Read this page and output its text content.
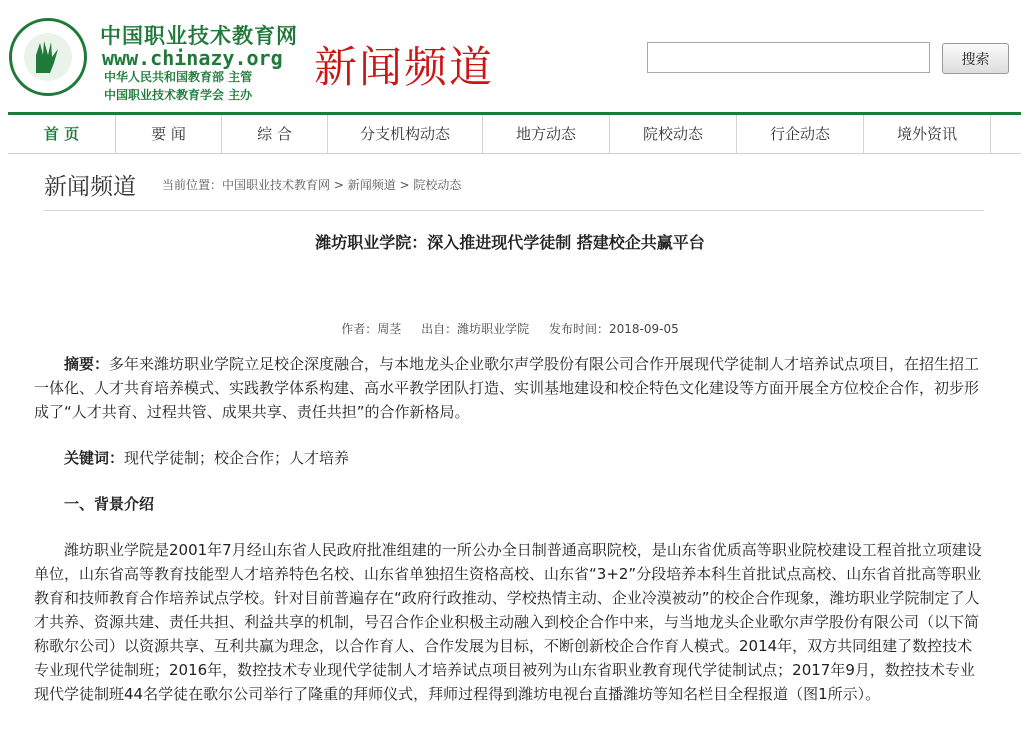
中国职业技术教育网
www.chinazy.org
中华人民共和国教育部 主管
中国职业技术教育学会 主办
新闻频道	搜索
首 页	要 闻	综 合	分支机构动态	地方动态	院校动态	行企动态	境外资讯
新闻频道 当前位置：中国职业技术教育网 > 新闻频道 > 院校动态
潍坊职业学院：深入推进现代学徒制 搭建校企共赢平台
作者：周茎 出自：潍坊职业学院 发布时间：2018-09-05

摘要：多年来潍坊职业学院立足校企深度融合，与本地龙头企业歌尔声学股份有限公司合作开展现代学徒制人才培养试点项目，在招生招工一体化、人才共育培养模式、实践教学体系构建、高水平教学团队打造、实训基地建设和校企特色文化建设等方面开展全方位校企合作，初步形成了“人才共育、过程共管、成果共享、责任共担”的合作新格局。

关键词：现代学徒制；校企合作；人才培养

一、背景介绍

潍坊职业学院是2001年7月经山东省人民政府批准组建的一所公办全日制普通高职院校，是山东省优质高等职业院校建设工程首批立项建设单位，山东省高等教育技能型人才培养特色名校、山东省单独招生资格高校、山东省“3+2”分段培养本科生首批试点高校、山东省首批高等职业教育和技师教育合作培养试点学校。针对目前普遍存在“政府行政推动、学校热情主动、企业冷漠被动”的校企合作现象，潍坊职业学院制定了人才共养、资源共建、责任共担、利益共享的机制，号召合作企业积极主动融入到校企合作中来，与当地龙头企业歌尔声学股份有限公司（以下简称歌尔公司）以资源共享、互利共赢为理念，以合作育人、合作发展为目标，不断创新校企合作育人模式。2014年，双方共同组建了数控技术专业现代学徒制班；2016年，数控技术专业现代学徒制人才培养试点项目被列为山东省职业教育现代学徒制试点；2017年9月，数控技术专业现代学徒制班44名学徒在歌尔公司举行了隆重的拜师仪式，拜师过程得到潍坊电视台直播潍坊等知名栏目全程报道（图1所示）。
